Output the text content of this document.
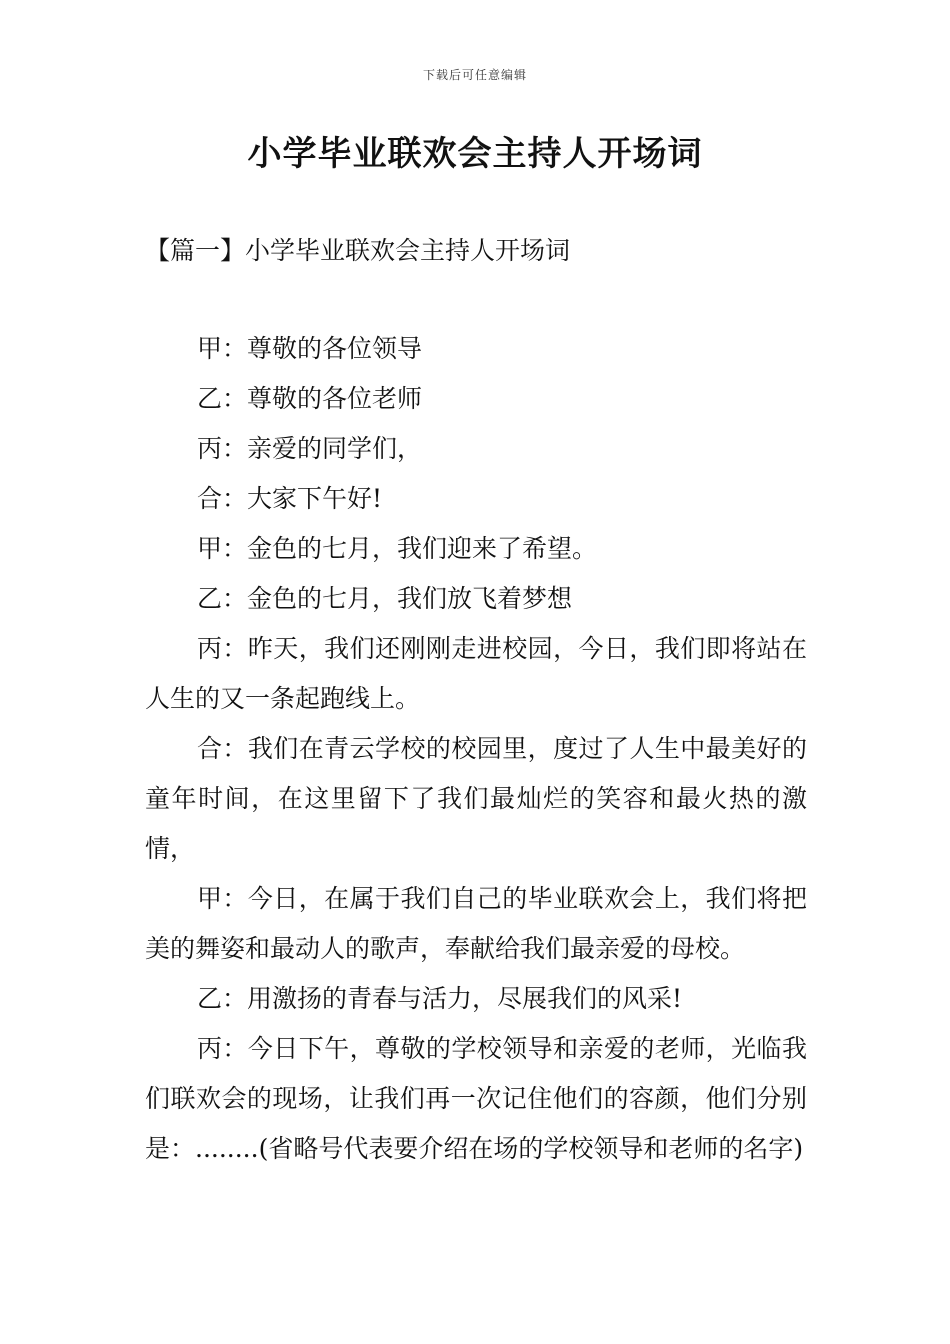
下载后可任意编辑
小学毕业联欢会主持人开场词
【篇一】小学毕业联欢会主持人开场词

甲：尊敬的各位领导

乙：尊敬的各位老师

丙：亲爱的同学们，

合：大家下午好!

甲：金色的七月，我们迎来了希望。

乙：金色的七月，我们放飞着梦想

丙：昨天，我们还刚刚走进校园，今日，我们即将站在人生的又一条起跑线上。

合：我们在青云学校的校园里，度过了人生中最美好的童年时间，在这里留下了我们最灿烂的笑容和最火热的激情，

甲：今日，在属于我们自己的毕业联欢会上，我们将把美的舞姿和最动人的歌声，奉献给我们最亲爱的母校。

乙：用激扬的青春与活力，尽展我们的风采!

丙：今日下午，尊敬的学校领导和亲爱的老师，光临我们联欢会的现场，让我们再一次记住他们的容颜，他们分别是：........(省略号代表要介绍在场的学校领导和老师的名字)
